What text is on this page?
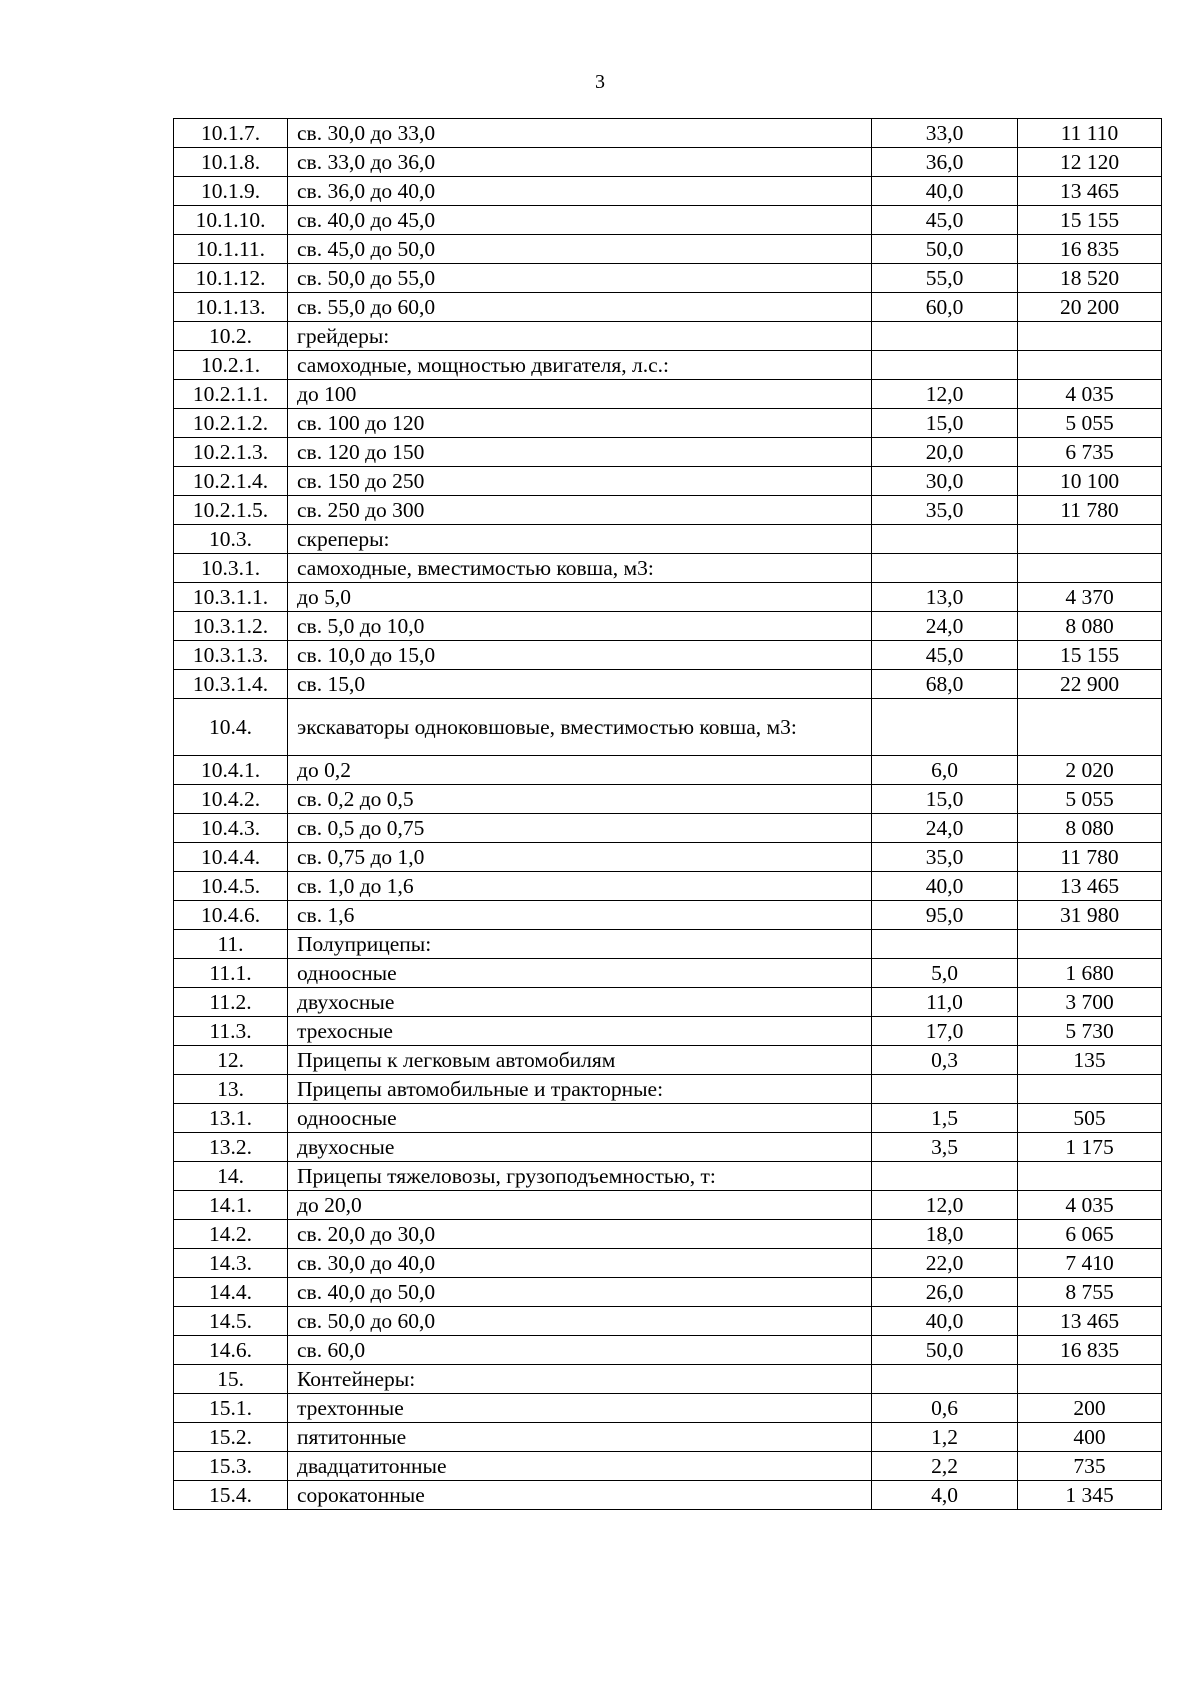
3
10.1.7.	св. 30,0 до 33,0	33,0	11 110
10.1.8.	св. 33,0 до 36,0	36,0	12 120
10.1.9.	св. 36,0 до 40,0	40,0	13 465
10.1.10.	св. 40,0 до 45,0	45,0	15 155
10.1.11.	св. 45,0 до 50,0	50,0	16 835
10.1.12.	св. 50,0 до 55,0	55,0	18 520
10.1.13.	св. 55,0 до 60,0	60,0	20 200
10.2.	грейдеры:		
10.2.1.	самоходные, мощностью двигателя, л.с.:		
10.2.1.1.	до 100	12,0	4 035
10.2.1.2.	св. 100 до 120	15,0	5 055
10.2.1.3.	св. 120 до 150	20,0	6 735
10.2.1.4.	св. 150 до 250	30,0	10 100
10.2.1.5.	св. 250 до 300	35,0	11 780
10.3.	скреперы:		
10.3.1.	самоходные, вместимостью ковша, м3:		
10.3.1.1.	до 5,0	13,0	4 370
10.3.1.2.	св. 5,0 до 10,0	24,0	8 080
10.3.1.3.	св. 10,0 до 15,0	45,0	15 155
10.3.1.4.	св. 15,0	68,0	22 900
10.4.	экскаваторы одноковшовые, вместимостью ковша, м3:		
10.4.1.	до 0,2	6,0	2 020
10.4.2.	св. 0,2 до 0,5	15,0	5 055
10.4.3.	св. 0,5 до 0,75	24,0	8 080
10.4.4.	св. 0,75 до 1,0	35,0	11 780
10.4.5.	св. 1,0 до 1,6	40,0	13 465
10.4.6.	св. 1,6	95,0	31 980
11.	Полуприцепы:		
11.1.	одноосные	5,0	1 680
11.2.	двухосные	11,0	3 700
11.3.	трехосные	17,0	5 730
12.	Прицепы к легковым автомобилям	0,3	135
13.	Прицепы автомобильные и тракторные:		
13.1.	одноосные	1,5	505
13.2.	двухосные	3,5	1 175
14.	Прицепы тяжеловозы, грузоподъемностью, т:		
14.1.	до 20,0	12,0	4 035
14.2.	св. 20,0 до 30,0	18,0	6 065
14.3.	св. 30,0 до 40,0	22,0	7 410
14.4.	св. 40,0 до 50,0	26,0	8 755
14.5.	св. 50,0 до 60,0	40,0	13 465
14.6.	св. 60,0	50,0	16 835
15.	Контейнеры:		
15.1.	трехтонные	0,6	200
15.2.	пятитонные	1,2	400
15.3.	двадцатитонные	2,2	735
15.4.	сорокатонные	4,0	1 345
